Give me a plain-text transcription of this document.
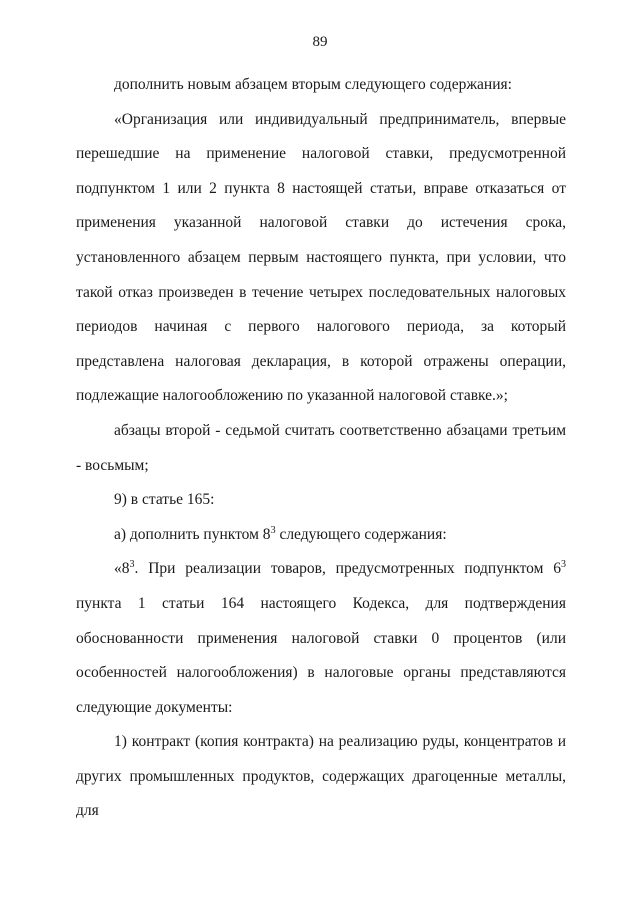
89

дополнить новым абзацем вторым следующего содержания:

«Организация или индивидуальный предприниматель, впервые перешедшие на применение налоговой ставки, предусмотренной подпунктом 1 или 2 пункта 8 настоящей статьи, вправе отказаться от применения указанной налоговой ставки до истечения срока, установленного абзацем первым настоящего пункта, при условии, что такой отказ произведен в течение четырех последовательных налоговых периодов начиная с первого налогового периода, за который представлена налоговая декларация, в которой отражены операции, подлежащие налогообложению по указанной налоговой ставке.»;

абзацы второй - седьмой считать соответственно абзацами третьим - восьмым;

9) в статье 165:

а) дополнить пунктом $8^3$ следующего содержания:

«$8^3$. При реализации товаров, предусмотренных подпунктом $6^3$ пункта 1 статьи 164 настоящего Кодекса, для подтверждения обоснованности применения налоговой ставки 0 процентов (или особенностей налогообложения) в налоговые органы представляются следующие документы:

1) контракт (копия контракта) на реализацию руды, концентратов и других промышленных продуктов, содержащих драгоценные металлы, для
